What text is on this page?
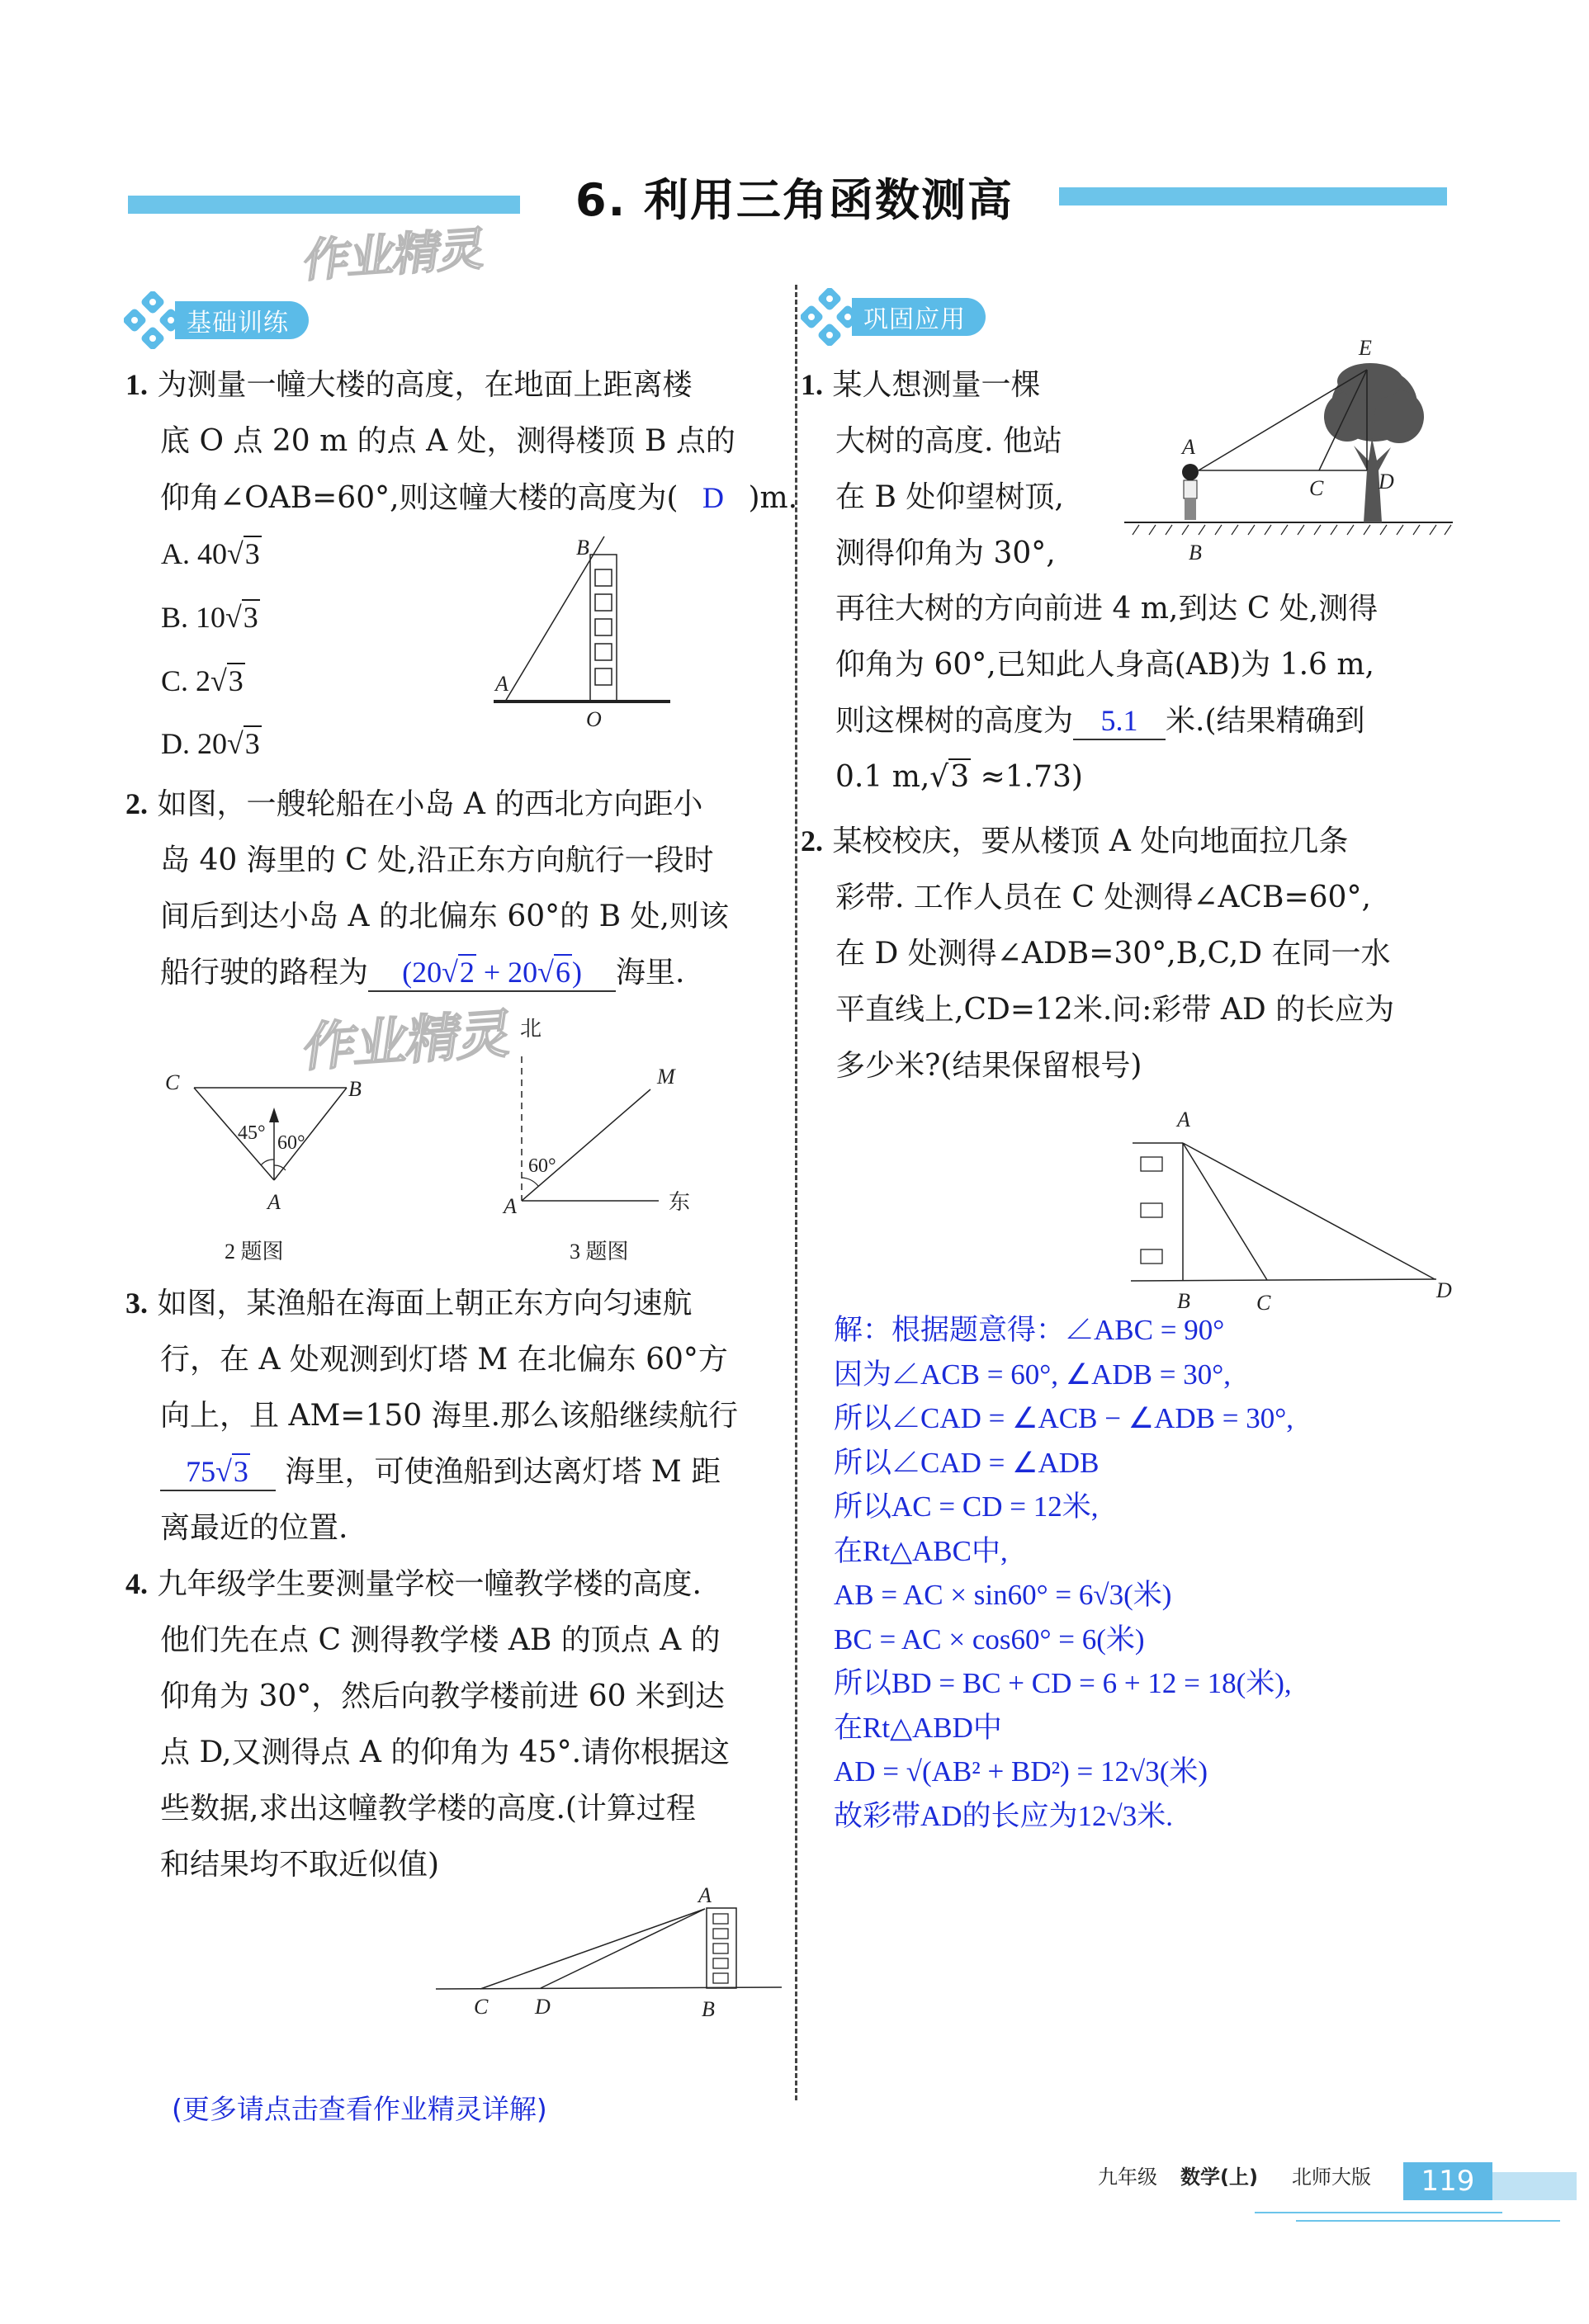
6. 利用三角函数测高
作业精灵
作业精灵
基础训练	巩固应用
1. 为测量一幢大楼的高度，在地面上距离楼
底 O 点 20 m 的点 A 处，测得楼顶 B 点的
仰角∠OAB=60°,则这幢大楼的高度为( D )m.
A. 40√3
B. 10√3
C. 2√3
D. 20√3
B
A
O
2. 如图，一艘轮船在小岛 A 的西北方向距小
岛 40 海里的 C 处,沿正东方向航行一段时
间后到达小岛 A 的北偏东 60°的 B 处,则该
船行驶的路程为 (20√2 + 20√6) 海里.
C	B
A
45° 60°
2 题图
北
M
60°
A	东
3 题图
3. 如图，某渔船在海面上朝正东方向匀速航
行，在 A 处观测到灯塔 M 在北偏东 60°方
向上，且 AM=150 海里.那么该船继续航行
75√3 海里，可使渔船到达离灯塔 M 距
离最近的位置.
4. 九年级学生要测量学校一幢教学楼的高度.
他们先在点 C 测得教学楼 AB 的顶点 A 的
仰角为 30°，然后向教学楼前进 60 米到达
点 D,又测得点 A 的仰角为 45°.请你根据这
些数据,求出这幢教学楼的高度.(计算过程
和结果均不取近似值)
A
C D	B
(更多请点击查看作业精灵详解)
1. 某人想测量一棵
大树的高度. 他站
在 B 处仰望树顶,
测得仰角为 30°,
再往大树的方向前进 4 m,到达 C 处,测得
仰角为 60°,已知此人身高(AB)为 1.6 m,
则这棵树的高度为 5.1 米.(结果精确到
0.1 m,√3 ≈1.73)
E
A
C	D
B
2. 某校校庆，要从楼顶 A 处向地面拉几条
彩带. 工作人员在 C 处测得∠ACB=60°,
在 D 处测得∠ADB=30°,B,C,D 在同一水
平直线上,CD=12米.问:彩带 AD 的长应为
多少米?(结果保留根号)
A
B	C
D
解：根据题意得：∠ABC = 90°
因为∠ACB = 60°, ∠ADB = 30°,
所以∠CAD = ∠ACB − ∠ADB = 30°,
所以∠CAD = ∠ADB
所以AC = CD = 12米,
在Rt△ABC中,
AB = AC × sin60° = 6√3(米)
BC = AC × cos60° = 6(米)
所以BD = BC + CD = 6 + 12 = 18(米),
在Rt△ABD中
AD = √(AB² + BD²) = 12√3(米)
故彩带AD的长应为12√3米.
九年级 数学(上) 北师大版	119
